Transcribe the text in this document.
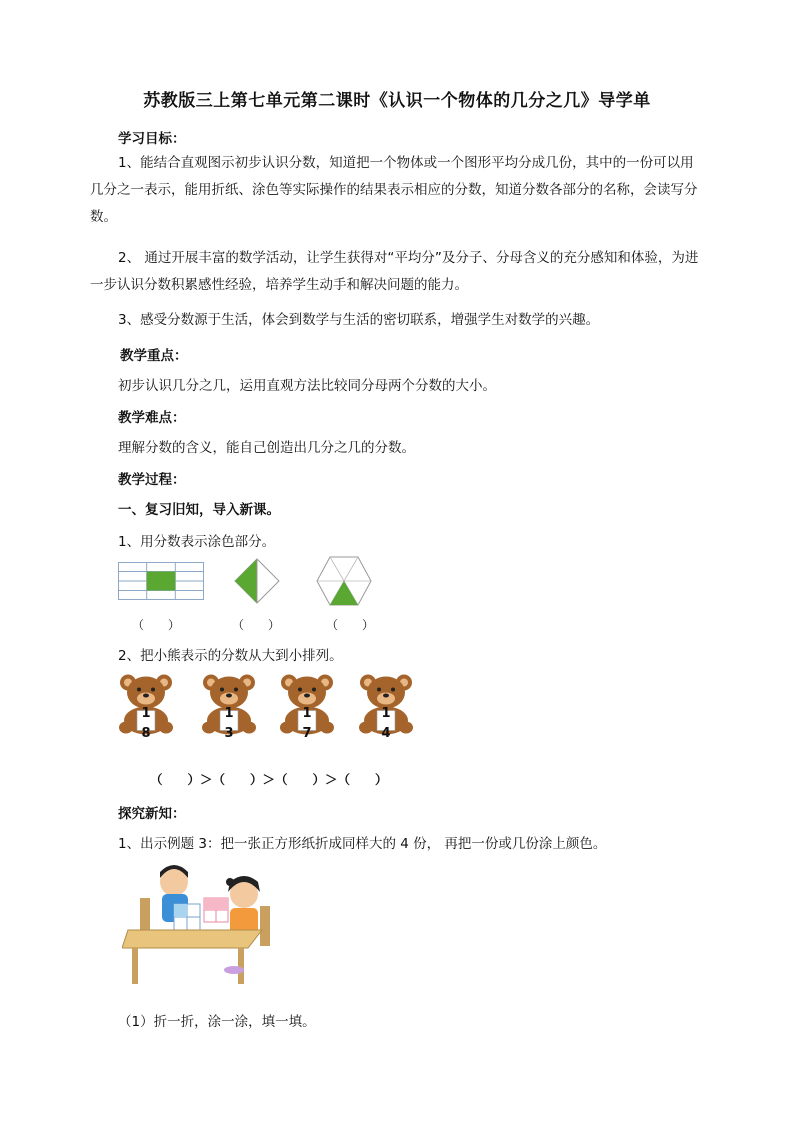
苏教版三上第七单元第二课时《认识一个物体的几分之几》导学单
学习目标：
1、能结合直观图示初步认识分数，知道把一个物体或一个图形平均分成几份，其中的一份可以用几分之一表示，能用折纸、涂色等实际操作的结果表示相应的分数，知道分数各部分的名称，会读写分数。
2、 通过开展丰富的数学活动，让学生获得对“平均分”及分子、分母含义的充分感知和体验，为进一步认识分数积累感性经验，培养学生动手和解决问题的能力。
3、感受分数源于生活，体会到数学与生活的密切联系，增强学生对数学的兴趣。
教学重点：
初步认识几分之几，运用直观方法比较同分母两个分数的大小。
教学难点：
理解分数的含义，能自己创造出几分之几的分数。
教学过程：
一、复习旧知，导入新课。
1、用分数表示涂色部分。
（　　）	（　　）	（　　）
2、把小熊表示的分数从大到小排列。
1
8
1
3
1
7
1
4
（　　）＞（　　）＞（　　）＞（　　）
探究新知：
1、出示例题 3：把一张正方形纸折成同样大的 4 份， 再把一份或几份涂上颜色。
（1）折一折，涂一涂，填一填。
